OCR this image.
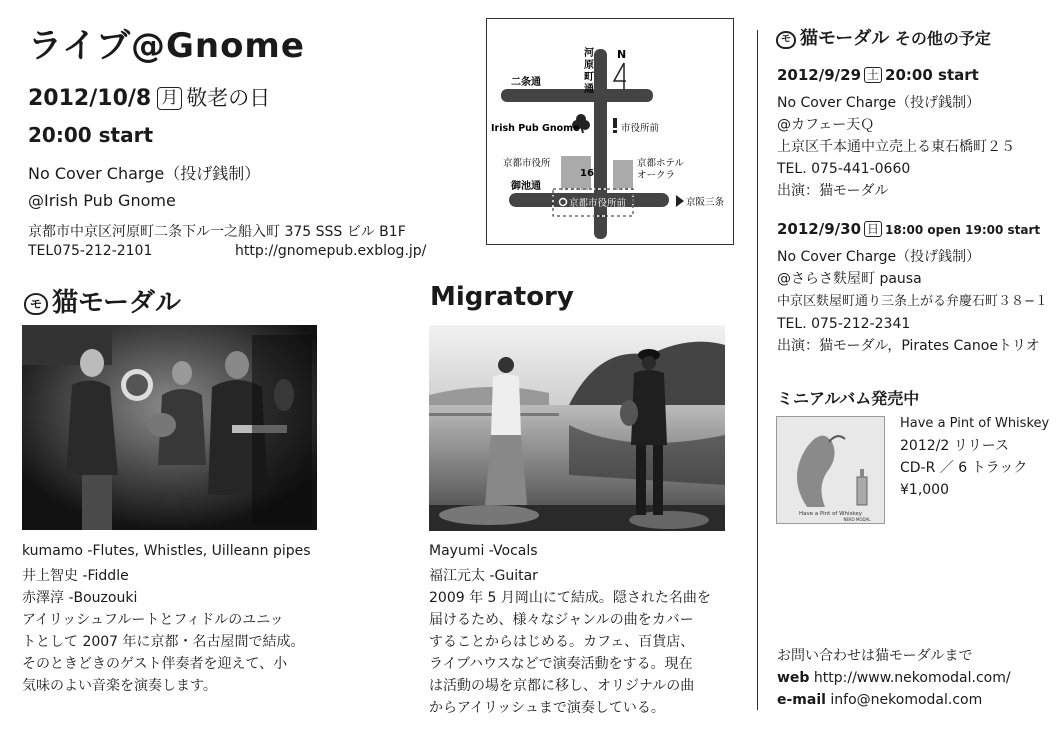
ライブ@Gnome
2012/10/8 月 敬老の日
20:00 start
No Cover Charge（投げ銭制）
@Irish Pub Gnome
京都市中京区河原町二条下ル一之船入町 375 SSS ビル B1F
TEL075-212-2101	http://gnomepub.exblog.jp/
N
河
原
町
通
二条通
Irish Pub Gnome	市役所前
京都市役所	京都ホテル
オークラ
御池通
16
京都市役所前	京阪三条
モ 猫モーダル
kumamo -Flutes, Whistles, Uilleann pipes
井上智史 -Fiddle
赤澤淳 -Bouzouki
アイリッシュフルートとフィドルのユニッ
トとして 2007 年に京都・名古屋間で結成。
そのときどきのゲスト伴奏者を迎えて、小
気味のよい音楽を演奏します。
Migratory
Mayumi -Vocals
福江元太 -Guitar
2009 年 5 月岡山にて結成。隠された名曲を
届けるため、様々なジャンルの曲をカバー
することからはじめる。カフェ、百貨店、
ライブハウスなどで演奏活動をする。現在
は活動の場を京都に移し、オリジナルの曲
からアイリッシュまで演奏している。
モ 猫モーダル その他の予定
2012/9/29 土 20:00 start
No Cover Charge（投げ銭制）
@カフェー天Ｑ
上京区千本通中立売上る東石橋町２５
TEL. 075-441-0660
出演：猫モーダル
2012/9/30 日 18:00 open 19:00 start
No Cover Charge（投げ銭制）
@さらさ麩屋町 pausa
中京区麩屋町通り三条上がる弁慶石町３８−１
TEL. 075-212-2341
出演：猫モーダル，Pirates Canoeトリオ
ミニアルバム発売中
Have a Pint of Whiskey
NEKO MODAL
Have a Pint of Whiskey
2012/2 リリース
CD-R ／ 6 トラック
¥1,000
お問い合わせは猫モーダルまで
web http://www.nekomodal.com/
e-mail info@nekomodal.com
